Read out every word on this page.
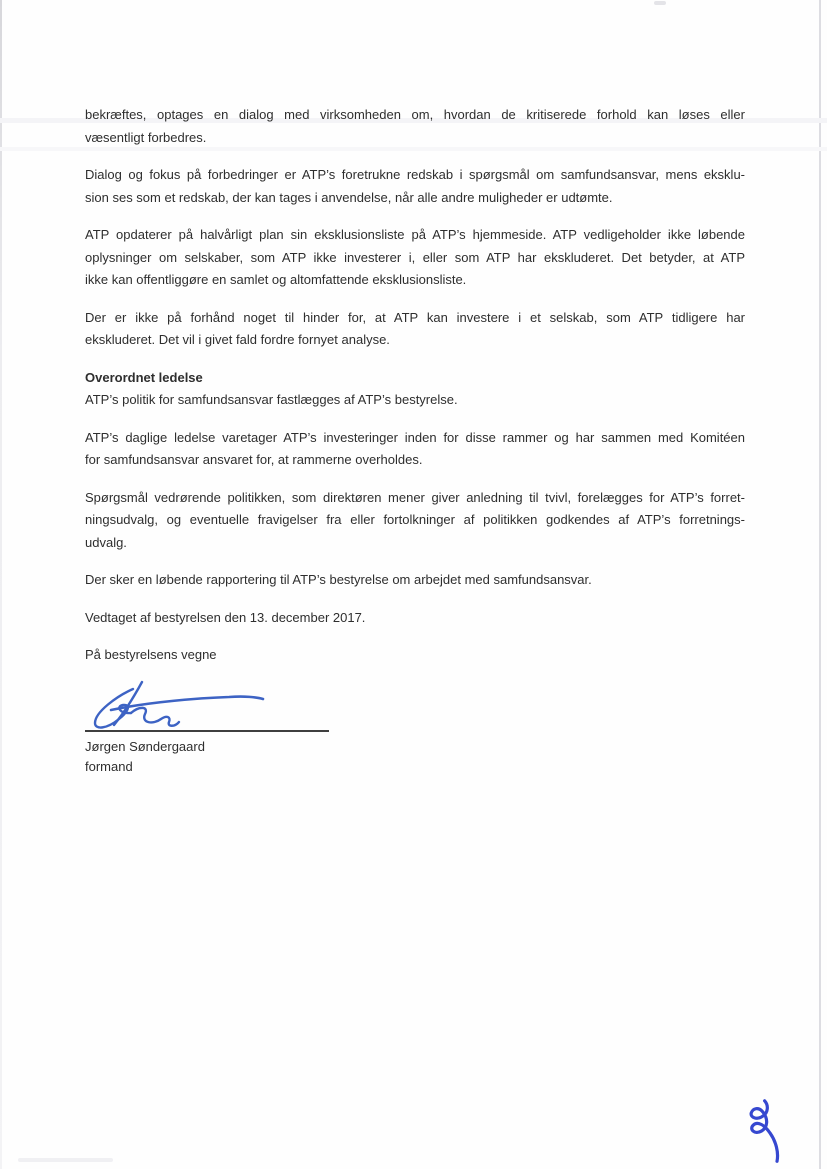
bekræftes, optages en dialog med virksomheden om, hvordan de kritiserede forhold kan løses eller
væsentligt forbedres.

Dialog og fokus på forbedringer er ATP’s foretrukne redskab i spørgsmål om samfundsansvar, mens eksklu-
sion ses som et redskab, der kan tages i anvendelse, når alle andre muligheder er udtømte.

ATP opdaterer på halvårligt plan sin eksklusionsliste på ATP’s hjemmeside. ATP vedligeholder ikke løbende
oplysninger om selskaber, som ATP ikke investerer i, eller som ATP har ekskluderet. Det betyder, at ATP
ikke kan offentliggøre en samlet og altomfattende eksklusionsliste.

Der er ikke på forhånd noget til hinder for, at ATP kan investere i et selskab, som ATP tidligere har
ekskluderet. Det vil i givet fald fordre fornyet analyse.

Overordnet ledelse

ATP’s politik for samfundsansvar fastlægges af ATP’s bestyrelse.

ATP’s daglige ledelse varetager ATP’s investeringer inden for disse rammer og har sammen med Komitéen
for samfundsansvar ansvaret for, at rammerne overholdes.

Spørgsmål vedrørende politikken, som direktøren mener giver anledning til tvivl, forelægges for ATP’s forret-
ningsudvalg, og eventuelle fravigelser fra eller fortolkninger af politikken godkendes af ATP’s forretnings-
udvalg.

Der sker en løbende rapportering til ATP’s bestyrelse om arbejdet med samfundsansvar.

Vedtaget af bestyrelsen den 13. december 2017.

På bestyrelsens vegne

Jørgen Søndergaard
formand
